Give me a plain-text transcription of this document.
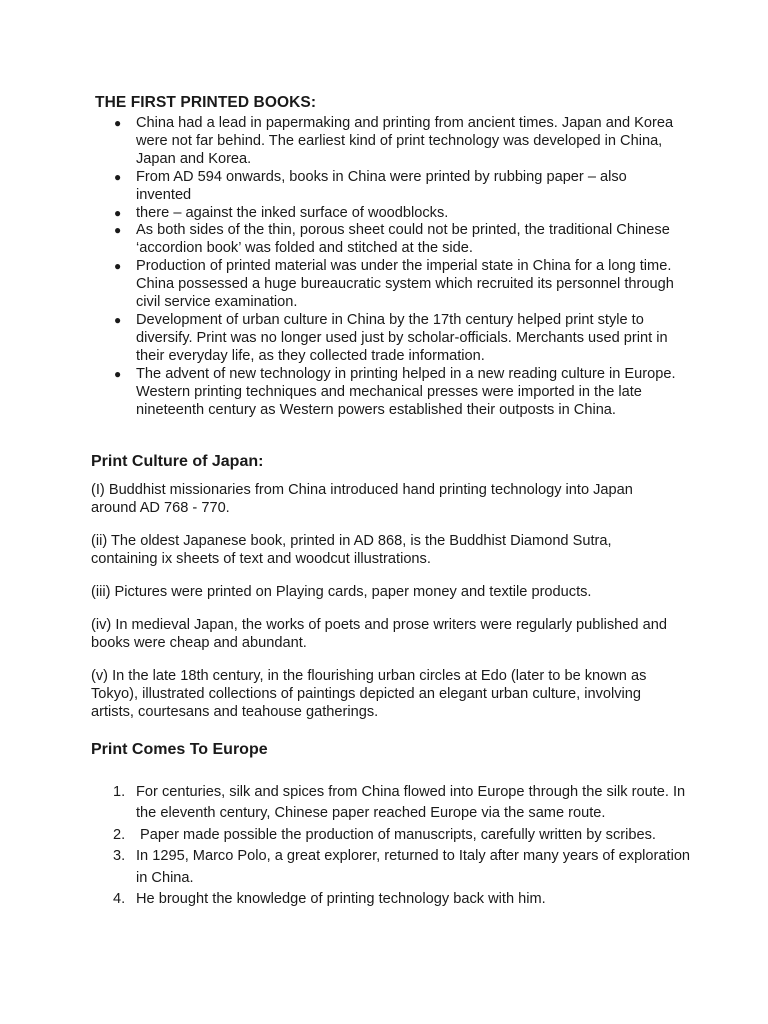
THE FIRST PRINTED BOOKS:
● China had a lead in papermaking and printing from ancient times. Japan and Korea were not far behind. The earliest kind of print technology was developed in China, Japan and Korea.
● From AD 594 onwards, books in China were printed by rubbing paper – also invented
● there – against the inked surface of woodblocks.
● As both sides of the thin, porous sheet could not be printed, the traditional Chinese ‘accordion book’ was folded and stitched at the side.
● Production of printed material was under the imperial state in China for a long time. China possessed a huge bureaucratic system which recruited its personnel through civil service examination.
● Development of urban culture in China by the 17th century helped print style to diversify. Print was no longer used just by scholar-officials. Merchants used print in their everyday life, as they collected trade information.
● The advent of new technology in printing helped in a new reading culture in Europe. Western printing techniques and mechanical presses were imported in the late nineteenth century as Western powers established their outposts in China.
Print Culture of Japan:

(I) Buddhist missionaries from China introduced hand printing technology into Japan around AD 768 - 770.

(ii) The oldest Japanese book, printed in AD 868, is the Buddhist Diamond Sutra, containing ix sheets of text and woodcut illustrations.

(iii) Pictures were printed on Playing cards, paper money and textile products.

(iv) In medieval Japan, the works of poets and prose writers were regularly published and books were cheap and abundant.

(v) In the late 18th century, in the flourishing urban circles at Edo (later to be known as Tokyo), illustrated collections of paintings depicted an elegant urban culture, involving artists, courtesans and teahouse gatherings.

Print Comes To Europe
1. For centuries, silk and spices from China flowed into Europe through the silk route. In the eleventh century, Chinese paper reached Europe via the same route.
2. Paper made possible the production of manuscripts, carefully written by scribes.
3. In 1295, Marco Polo, a great explorer, returned to Italy after many years of exploration in China.
4. He brought the knowledge of printing technology back with him.
